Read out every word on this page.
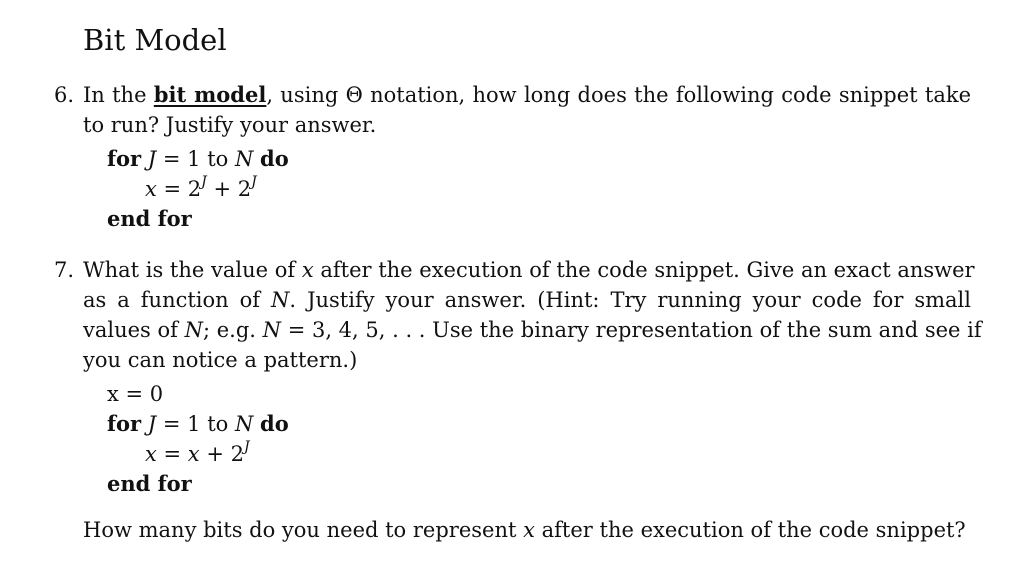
Bit Model
6. In the bit model, using Θ notation, how long does the following code snippet take
to run? Justify your answer.
for J = 1 to N do
$x = 2^J + 2^J$
end for
7. What is the value of x after the execution of the code snippet. Give an exact answer
as a function of N. Justify your answer. (Hint: Try running your code for small
values of N; e.g. N = 3, 4, 5, . . . Use the binary representation of the sum and see if
you can notice a pattern.)
x = 0
for J = 1 to N do
$x = x + 2^J$
end for
How many bits do you need to represent x after the execution of the code snippet?
